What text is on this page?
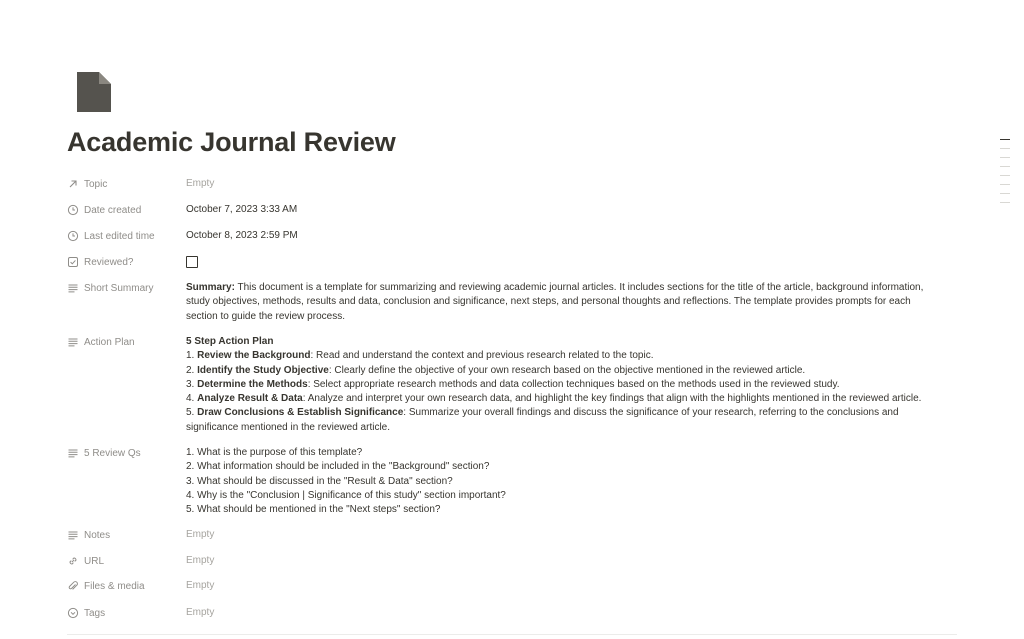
Academic Journal Review
Topic	Empty
Date created	October 7, 2023 3:33 AM
Last edited time	October 8, 2023 2:59 PM
Reviewed?
Short Summary	Summary: This document is a template for summarizing and reviewing academic journal articles. It includes sections for the title of the article, background information,
study objectives, methods, results and data, conclusion and significance, next steps, and personal thoughts and reflections. The template provides prompts for each
section to guide the review process.
Action Plan	5 Step Action Plan
1. Review the Background: Read and understand the context and previous research related to the topic.
2. Identify the Study Objective: Clearly define the objective of your own research based on the objective mentioned in the reviewed article.
3. Determine the Methods: Select appropriate research methods and data collection techniques based on the methods used in the reviewed study.
4. Analyze Result & Data: Analyze and interpret your own research data, and highlight the key findings that align with the highlights mentioned in the reviewed article.
5. Draw Conclusions & Establish Significance: Summarize your overall findings and discuss the significance of your research, referring to the conclusions and
significance mentioned in the reviewed article.
5 Review Qs	1. What is the purpose of this template?
2. What information should be included in the "Background" section?
3. What should be discussed in the "Result & Data" section?
4. Why is the "Conclusion | Significance of this study" section important?
5. What should be mentioned in the "Next steps" section?
Notes	Empty
URL	Empty
Files & media	Empty
Tags	Empty
